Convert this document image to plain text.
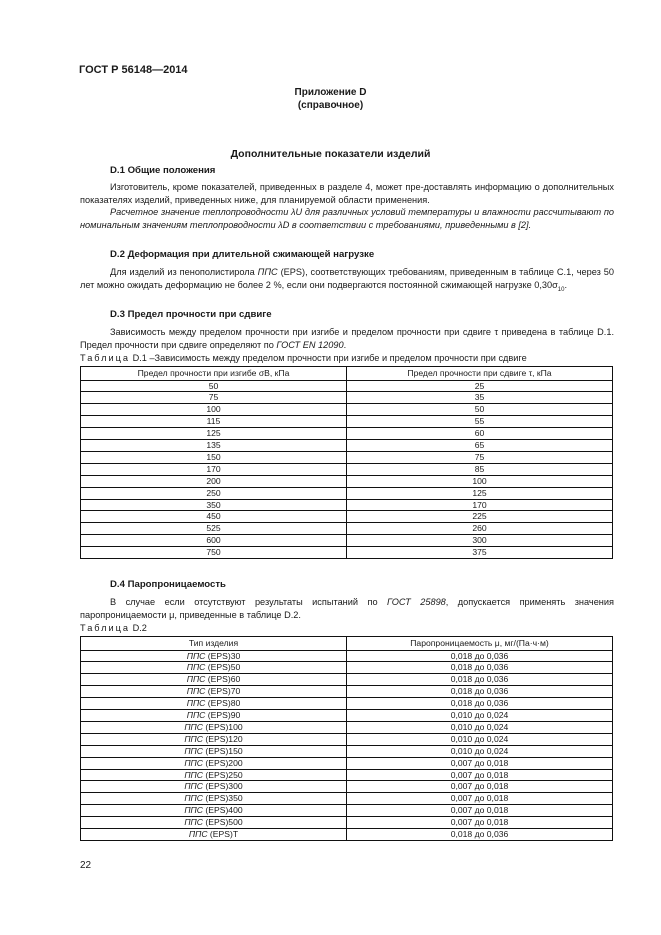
ГОСТ Р 56148—2014
Приложение D
(справочное)
Дополнительные показатели изделий
D.1 Общие положения
Изготовитель, кроме показателей, приведенных в разделе 4, может пре-доставлять информацию о дополнительных показателях изделий, приведенных ниже, для планируемой области применения.
Расчетное значение теплопроводности λU для различных условий температуры и влажности рассчитывают по номинальным значениям теплопроводности λD в соответствии с требованиями, приведенными в [2].
D.2 Деформация при длительной сжимающей нагрузке
Для изделий из пенополистирола ППС (EPS), соответствующих требованиям, приведенным в таблице С.1, через 50 лет можно ожидать деформацию не более 2 %, если они подвергаются постоянной сжимающей нагрузке $0,30\sigma_{10}$.
D.3 Предел прочности при сдвиге
Зависимость между пределом прочности при изгибе и пределом прочности при сдвиге τ приведена в таблице D.1. Предел прочности при сдвиге определяют по ГОСТ EN 12090.
Таблица D.1 –Зависимость между пределом прочности при изгибе и пределом прочности при сдвиге
Предел прочности при изгибе σB, кПа	Предел прочности при сдвиге τ, кПа
50	25
75	35
100	50
115	55
125	60
135	65
150	75
170	85
200	100
250	125
350	170
450	225
525	260
600	300
750	375
D.4 Паропроницаемость
В случае если отсутствуют результаты испытаний по ГОСТ 25898, допускается применять значения паропроницаемости μ, приведенные в таблице D.2.
Таблица D.2
Тип изделия	Паропроницаемость μ, мг/(Па·ч·м)
ППС (EPS)30	0,018 до 0,036
ППС (EPS)50	0,018 до 0,036
ППС (EPS)60	0,018 до 0,036
ППС (EPS)70	0,018 до 0,036
ППС (EPS)80	0,018 до 0,036
ППС (EPS)90	0,010 до 0,024
ППС (EPS)100	0,010 до 0,024
ППС (EPS)120	0,010 до 0,024
ППС (EPS)150	0,010 до 0,024
ППС (EPS)200	0,007 до 0,018
ППС (EPS)250	0,007 до 0,018
ППС (EPS)300	0,007 до 0,018
ППС (EPS)350	0,007 до 0,018
ППС (EPS)400	0,007 до 0,018
ППС (EPS)500	0,007 до 0,018
ППС (EPS)Т	0,018 до 0,036
22
